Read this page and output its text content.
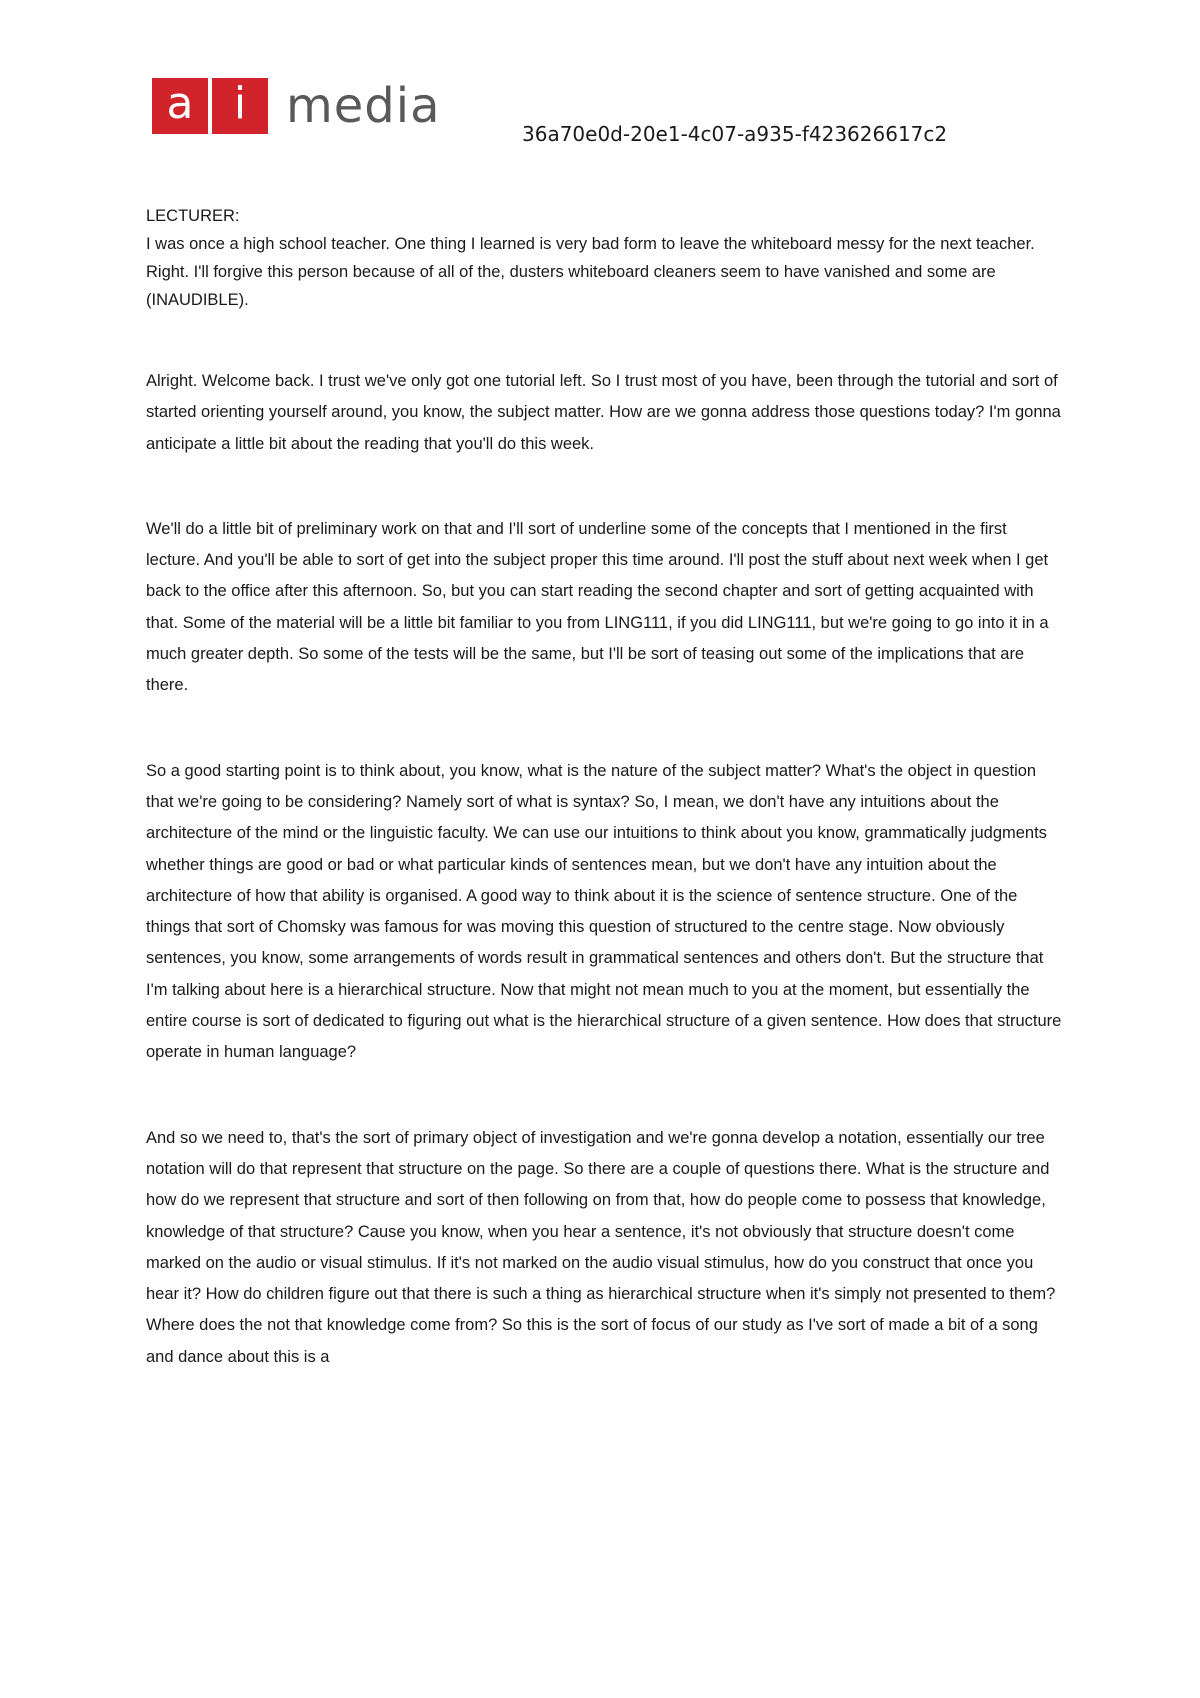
a i media	36a70e0d-20e1-4c07-a935-f423626617c2

LECTURER:

I was once a high school teacher. One thing I learned is very bad form to leave the whiteboard messy for the next teacher. Right. I'll forgive this person because of all of the, dusters whiteboard cleaners seem to have vanished and some are (INAUDIBLE).

Alright. Welcome back. I trust we've only got one tutorial left. So I trust most of you have, been through the tutorial and sort of started orienting yourself around, you know, the subject matter. How are we gonna address those questions today? I'm gonna anticipate a little bit about the reading that you'll do this week.

We'll do a little bit of preliminary work on that and I'll sort of underline some of the concepts that I mentioned in the first lecture. And you'll be able to sort of get into the subject proper this time around. I'll post the stuff about next week when I get back to the office after this afternoon. So, but you can start reading the second chapter and sort of getting acquainted with that. Some of the material will be a little bit familiar to you from LING111, if you did LING111, but we're going to go into it in a much greater depth. So some of the tests will be the same, but I'll be sort of teasing out some of the implications that are there.

So a good starting point is to think about, you know, what is the nature of the subject matter? What's the object in question that we're going to be considering? Namely sort of what is syntax? So, I mean, we don't have any intuitions about the architecture of the mind or the linguistic faculty. We can use our intuitions to think about you know, grammatically judgments whether things are good or bad or what particular kinds of sentences mean, but we don't have any intuition about the architecture of how that ability is organised. A good way to think about it is the science of sentence structure. One of the things that sort of Chomsky was famous for was moving this question of structured to the centre stage. Now obviously sentences, you know, some arrangements of words result in grammatical sentences and others don't. But the structure that I'm talking about here is a hierarchical structure. Now that might not mean much to you at the moment, but essentially the entire course is sort of dedicated to figuring out what is the hierarchical structure of a given sentence. How does that structure operate in human language?

And so we need to, that's the sort of primary object of investigation and we're gonna develop a notation, essentially our tree notation will do that represent that structure on the page. So there are a couple of questions there. What is the structure and how do we represent that structure and sort of then following on from that, how do people come to possess that knowledge, knowledge of that structure? Cause you know, when you hear a sentence, it's not obviously that structure doesn't come marked on the audio or visual stimulus. If it's not marked on the audio visual stimulus, how do you construct that once you hear it? How do children figure out that there is such a thing as hierarchical structure when it's simply not presented to them? Where does the not that knowledge come from? So this is the sort of focus of our study as I've sort of made a bit of a song and dance about this is a
